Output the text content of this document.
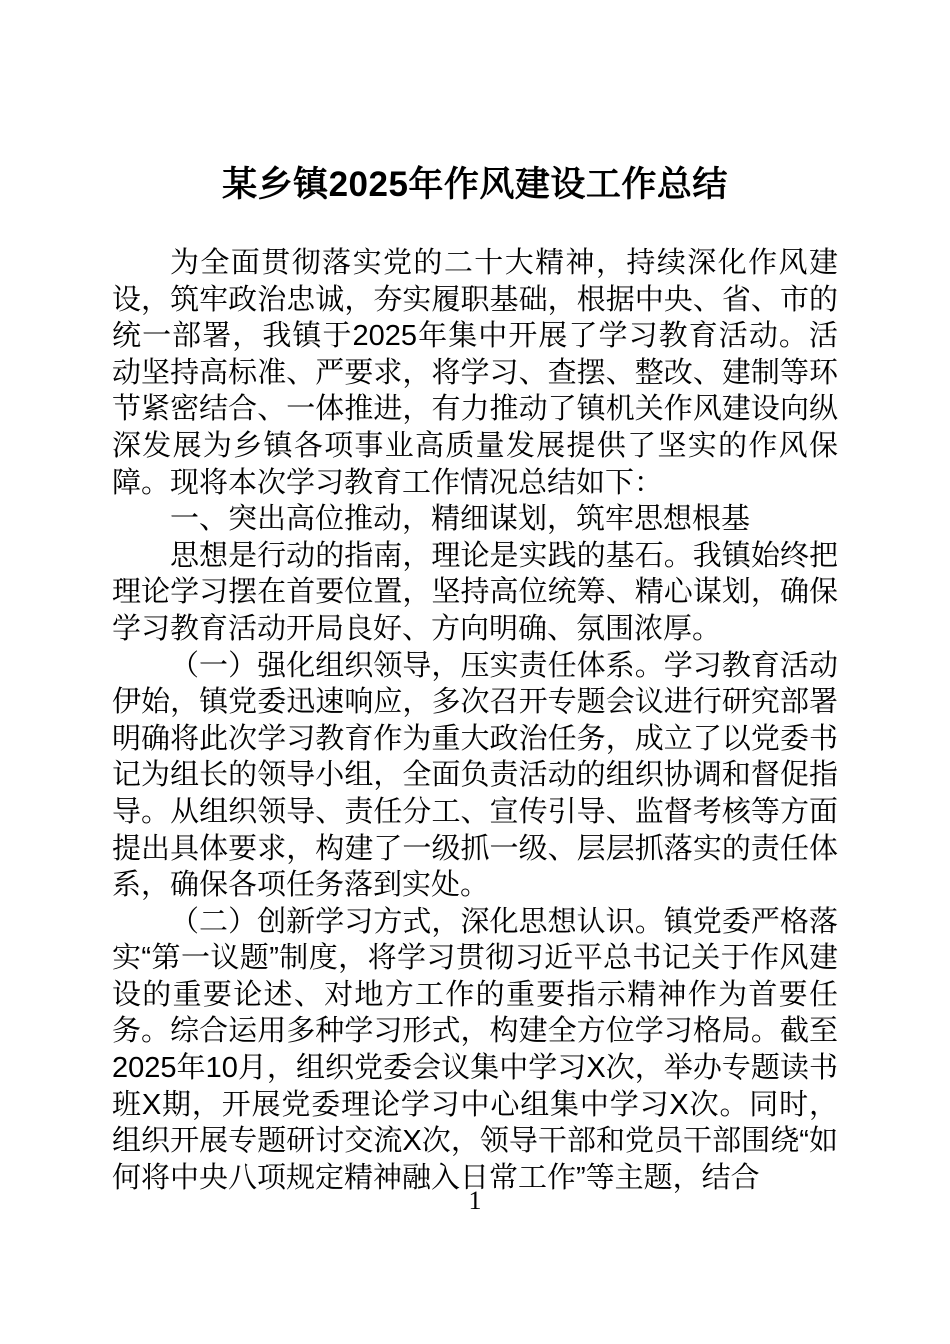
某乡镇2025年作风建设工作总结

为全面贯彻落实党的二十大精神，持续深化作风建设，筑牢政治忠诚，夯实履职基础，根据中央、省、市的统一部署，我镇于2025年集中开展了学习教育活动。活动坚持高标准、严要求，将学习、查摆、整改、建制等环节紧密结合、一体推进，有力推动了镇机关作风建设向纵深发展为乡镇各项事业高质量发展提供了坚实的作风保障。现将本次学习教育工作情况总结如下：

一、突出高位推动，精细谋划，筑牢思想根基

思想是行动的指南，理论是实践的基石。我镇始终把理论学习摆在首要位置，坚持高位统筹、精心谋划，确保学习教育活动开局良好、方向明确、氛围浓厚。

（一）强化组织领导，压实责任体系。学习教育活动伊始，镇党委迅速响应，多次召开专题会议进行研究部署明确将此次学习教育作为重大政治任务，成立了以党委书记为组长的领导小组，全面负责活动的组织协调和督促指导。从组织领导、责任分工、宣传引导、监督考核等方面提出具体要求，构建了一级抓一级、层层抓落实的责任体系，确保各项任务落到实处。

（二）创新学习方式，深化思想认识。镇党委严格落实“第一议题”制度，将学习贯彻习近平总书记关于作风建设的重要论述、对地方工作的重要指示精神作为首要任务。综合运用多种学习形式，构建全方位学习格局。截至2025年10月，组织党委会议集中学习X次，举办专题读书班X期，开展党委理论学习中心组集中学习X次。同时，组织开展专题研讨交流X次，领导干部和党员干部围绕“如何将中央八项规定精神融入日常工作”等主题，结合

1
